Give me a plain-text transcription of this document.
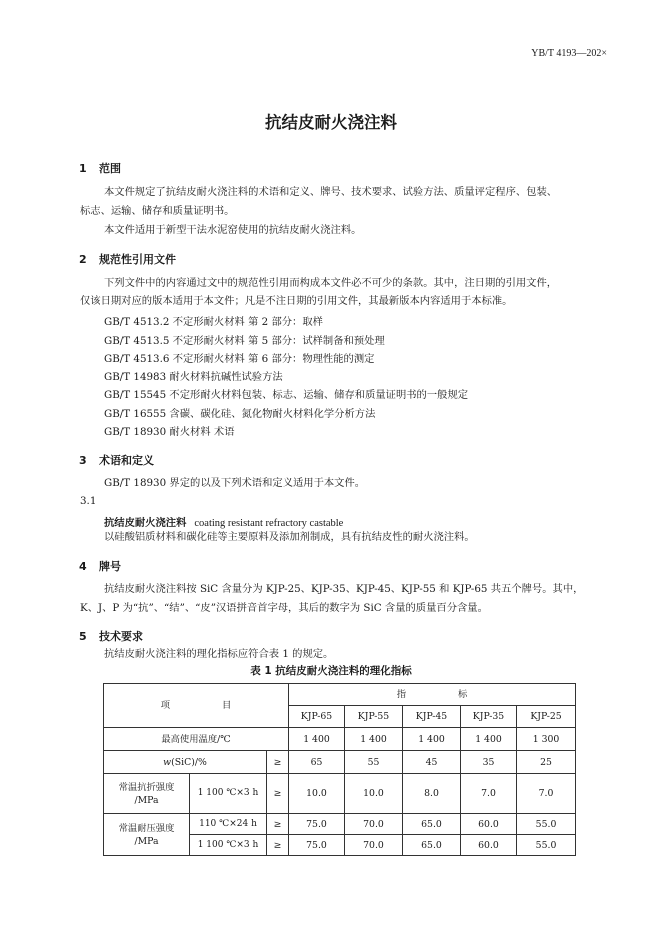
YB/T 4193—202×
抗结皮耐火浇注料
1 范围
本文件规定了抗结皮耐火浇注料的术语和定义、牌号、技术要求、试验方法、质量评定程序、包装、
标志、运输、储存和质量证明书。
本文件适用于新型干法水泥窑使用的抗结皮耐火浇注料。
2 规范性引用文件
下列文件中的内容通过文中的规范性引用而构成本文件必不可少的条款。其中，注日期的引用文件，
仅该日期对应的版本适用于本文件；凡是不注日期的引用文件，其最新版本内容适用于本标准。
GB/T 4513.2 不定形耐火材料 第 2 部分：取样
GB/T 4513.5 不定形耐火材料 第 5 部分：试样制备和预处理
GB/T 4513.6 不定形耐火材料 第 6 部分：物理性能的测定
GB/T 14983 耐火材料抗碱性试验方法
GB/T 15545 不定形耐火材料包装、标志、运输、储存和质量证明书的一般规定
GB/T 16555 含碳、碳化硅、氮化物耐火材料化学分析方法
GB/T 18930 耐火材料 术语
3 术语和定义
GB/T 18930 界定的以及下列术语和定义适用于本文件。
3.1
抗结皮耐火浇注料 coating resistant refractory castable
以硅酸铝质材料和碳化硅等主要原料及添加剂制成，具有抗结皮性的耐火浇注料。
4 牌号
抗结皮耐火浇注料按 SiC 含量分为 KJP-25、KJP-35、KJP-45、KJP-55 和 KJP-65 共五个牌号。其中，
K、J、P 为“抗”、“结”、“皮”汉语拼音首字母，其后的数字为 SiC 含量的质量百分含量。
5 技术要求
抗结皮耐火浇注料的理化指标应符合表 1 的规定。
表 1 抗结皮耐火浇注料的理化指标
项 目			指 标				
			KJP-65	KJP-55	KJP-45	KJP-35	KJP-25
最高使用温度/℃			1 400	1 400	1 400	1 400	1 300
w(SiC)/%		≥	65	55	45	35	25

常温抗折强度
/MPa	1 100 ℃×3 h	≥	10.0	10.0	8.0	7.0	7.0

常温耐压强度
/MPa	110 ℃×24 h	≥	75.0	70.0	65.0	60.0	55.0
	1 100 ℃×3 h	≥	75.0	70.0	65.0	60.0	55.0
